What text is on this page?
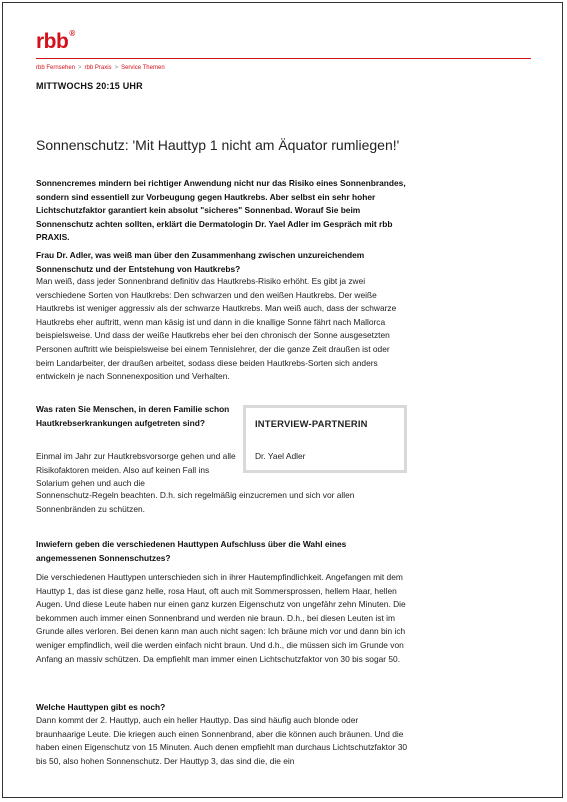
rbb®
rbb Fernsehen > rbb Praxis > Service Themen
MITTWOCHS 20:15 UHR
Sonnenschutz: 'Mit Hauttyp 1 nicht am Äquator rumliegen!'

Sonnencremes mindern bei richtiger Anwendung nicht nur das Risiko eines Sonnenbrandes, sondern sind essentiell zur Vorbeugung gegen Hautkrebs. Aber selbst ein sehr hoher Lichtschutzfaktor garantiert kein absolut "sicheres" Sonnenbad. Worauf Sie beim Sonnenschutz achten sollten, erklärt die Dermatologin Dr. Yael Adler im Gespräch mit rbb PRAXIS.

Frau Dr. Adler, was weiß man über den Zusammenhang zwischen unzureichendem Sonnenschutz und der Entstehung von Hautkrebs?

Man weiß, dass jeder Sonnenbrand definitiv das Hautkrebs-Risiko erhöht. Es gibt ja zwei verschiedene Sorten von Hautkrebs: Den schwarzen und den weißen Hautkrebs. Der weiße Hautkrebs ist weniger aggressiv als der schwarze Hautkrebs. Man weiß auch, dass der schwarze Hautkrebs eher auftritt, wenn man käsig ist und dann in die knallige Sonne fährt nach Mallorca beispielsweise. Und dass der weiße Hautkrebs eher bei den chronisch der Sonne ausgesetzten Personen auftritt wie beispielsweise bei einem Tennislehrer, der die ganze Zeit draußen ist oder beim Landarbeiter, der draußen arbeitet, sodass diese beiden Hautkrebs-Sorten sich anders entwickeln je nach Sonnenexposition und Verhalten.

Was raten Sie Menschen, in deren Familie schon Hautkrebserkrankungen aufgetreten sind?	INTERVIEW-PARTNERIN
Dr. Yael Adler

Einmal im Jahr zur Hautkrebsvorsorge gehen und alle Risikofaktoren meiden. Also auf keinen Fall ins Solarium gehen und auch die

Sonnenschutz-Regeln beachten. D.h. sich regelmäßig einzucremen und sich vor allen Sonnenbränden zu schützen.

Inwiefern geben die verschiedenen Hauttypen Aufschluss über die Wahl eines angemessenen Sonnenschutzes?

Die verschiedenen Hauttypen unterschieden sich in ihrer Hautempfindlichkeit. Angefangen mit dem Hauttyp 1, das ist diese ganz helle, rosa Haut, oft auch mit Sommersprossen, hellem Haar, hellen Augen. Und diese Leute haben nur einen ganz kurzen Eigenschutz von ungefähr zehn Minuten. Die bekommen auch immer einen Sonnenbrand und werden nie braun. D.h., bei diesen Leuten ist im Grunde alles verloren. Bei denen kann man auch nicht sagen: Ich bräune mich vor und dann bin ich weniger empfindlich, weil die werden einfach nicht braun. Und d.h., die müssen sich im Grunde von Anfang an massiv schützen. Da empfiehlt man immer einen Lichtschutzfaktor von 30 bis sogar 50.

Welche Hauttypen gibt es noch?

Dann kommt der 2. Hauttyp, auch ein heller Hauttyp. Das sind häufig auch blonde oder braunhaarige Leute. Die kriegen auch einen Sonnenbrand, aber die können auch bräunen. Und die haben einen Eigenschutz von 15 Minuten. Auch denen empfiehlt man durchaus Lichtschutzfaktor 30 bis 50, also hohen Sonnenschutz. Der Hauttyp 3, das sind die, die ein
